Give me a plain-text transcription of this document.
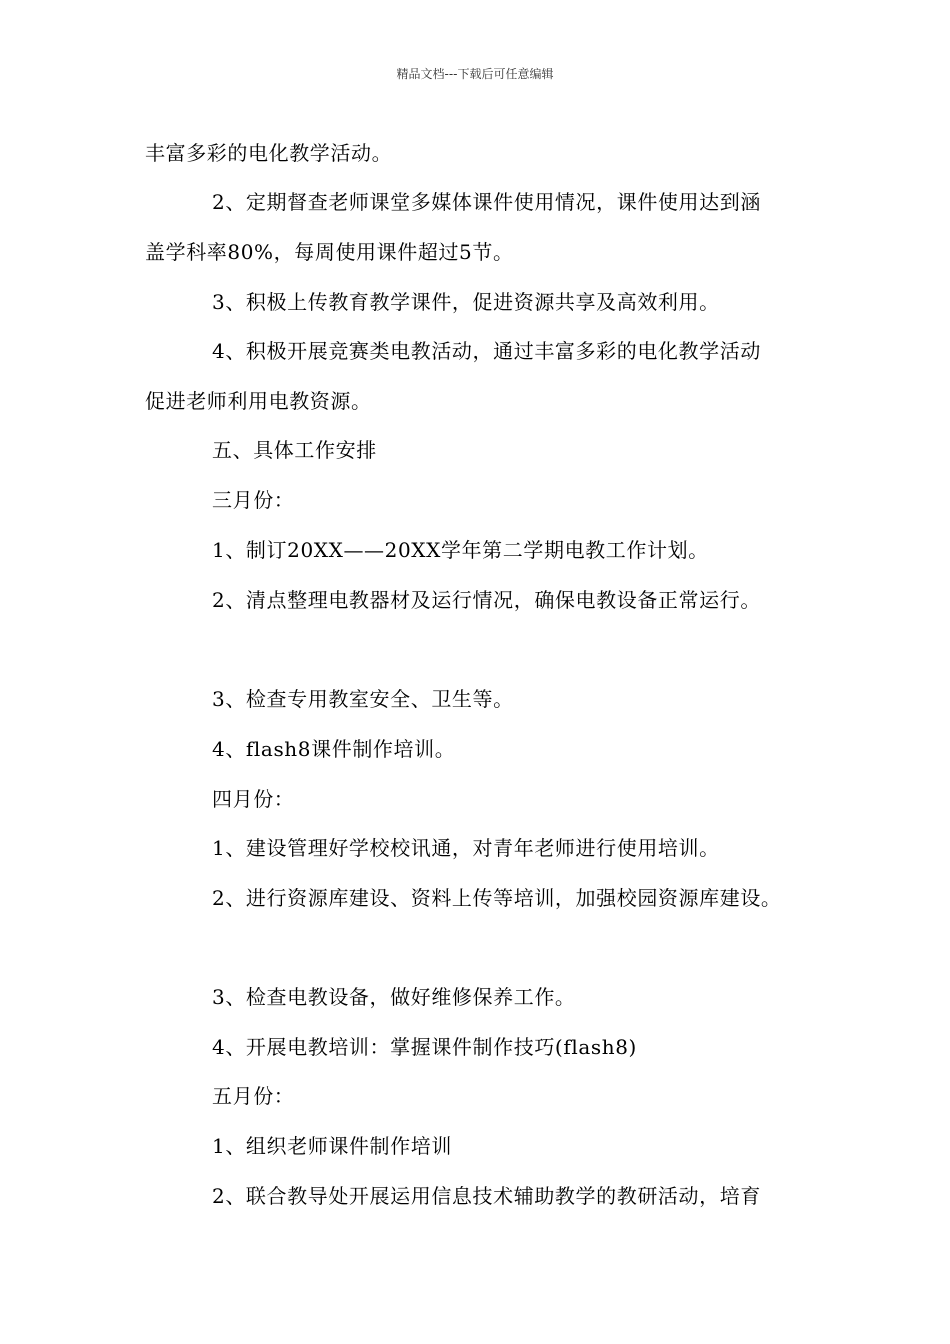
精品文档---下载后可任意编辑
丰富多彩的电化教学活动。
2、定期督查老师课堂多媒体课件使用情况，课件使用达到涵
盖学科率80%，每周使用课件超过5节。
3、积极上传教育教学课件，促进资源共享及高效利用。
4、积极开展竞赛类电教活动，通过丰富多彩的电化教学活动
促进老师利用电教资源。
五、具体工作安排
三月份：
1、制订20XX——20XX学年第二学期电教工作计划。
2、清点整理电教器材及运行情况，确保电教设备正常运行。
3、检查专用教室安全、卫生等。
4、flash8课件制作培训。
四月份：
1、建设管理好学校校讯通，对青年老师进行使用培训。
2、进行资源库建设、资料上传等培训，加强校园资源库建设。
3、检查电教设备，做好维修保养工作。
4、开展电教培训：掌握课件制作技巧(flash8)
五月份：
1、组织老师课件制作培训
2、联合教导处开展运用信息技术辅助教学的教研活动，培育
